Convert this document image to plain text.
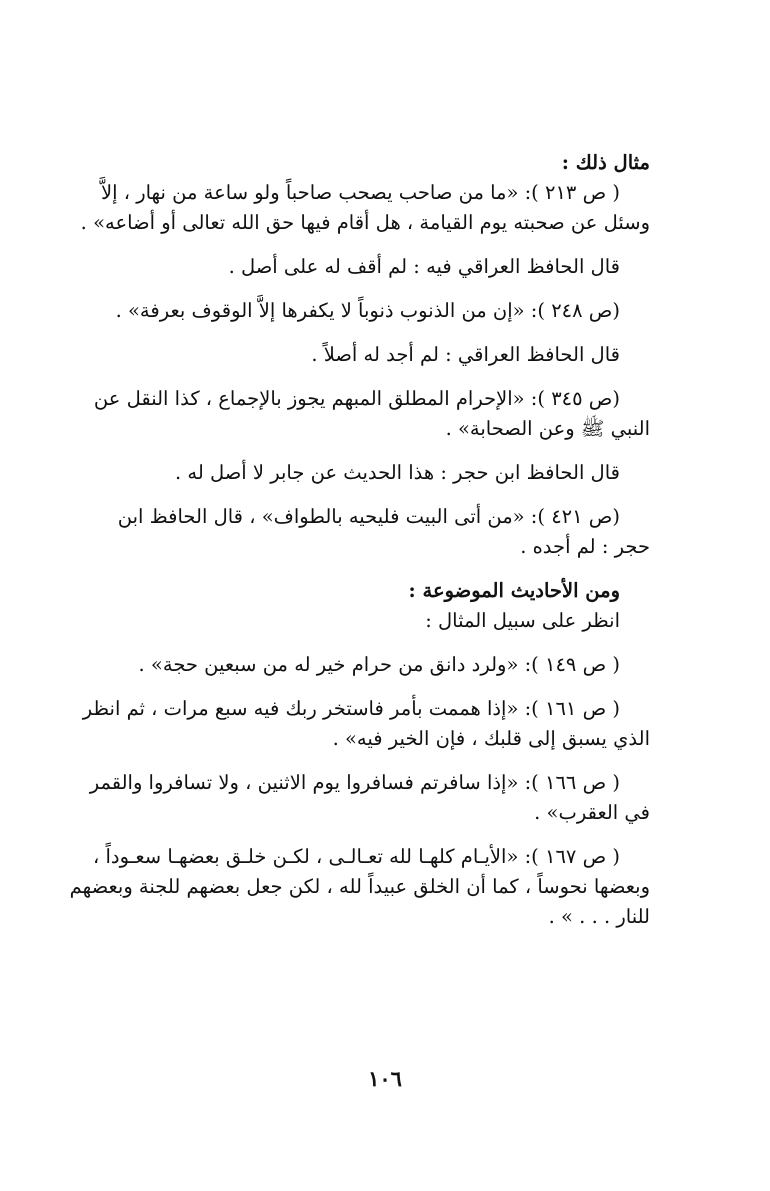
مثال ذلك :

( ص ٢١٣ ): «ما من صاحب يصحب صاحباً ولو ساعة من نهار ، إلاَّ

وسئل عن صحبته يوم القيامة ، هل أقام فيها حق الله تعالى أو أضاعه» .

قال الحافظ العراقي فيه : لم أقف له على أصل .

(ص ٢٤٨ ): «إن من الذنوب ذنوباً لا يكفرها إلاَّ الوقوف بعرفة» .

قال الحافظ العراقي : لم أجد له أصلاً .

(ص ٣٤٥ ): «الإحرام المطلق المبهم يجوز بالإجماع ، كذا النقل عن

النبي ﷺ وعن الصحابة» .

قال الحافظ ابن حجر : هذا الحديث عن جابر لا أصل له .

(ص ٤٢١ ): «من أتى البيت فليحيه بالطواف» ، قال الحافظ ابن

حجر : لم أجده .

ومن الأحاديث الموضوعة :

انظر على سبيل المثال :

( ص ١٤٩ ): «ولرد دانق من حرام خير له من سبعين حجة» .

( ص ١٦١ ): «إذا هممت بأمر فاستخر ربك فيه سبع مرات ، ثم انظر

الذي يسبق إلى قلبك ، فإن الخير فيه» .

( ص ١٦٦ ): «إذا سافرتم فسافروا يوم الاثنين ، ولا تسافروا والقمر

في العقرب» .

( ص ١٦٧ ): «الأيـام كلهـا لله تعـالـى ، لكـن خلـق بعضهـا سعـوداً ،

وبعضها نحوساً ، كما أن الخلق عبيداً لله ، لكن جعل بعضهم للجنة وبعضهم

للنار . . . » .

١٠٦
